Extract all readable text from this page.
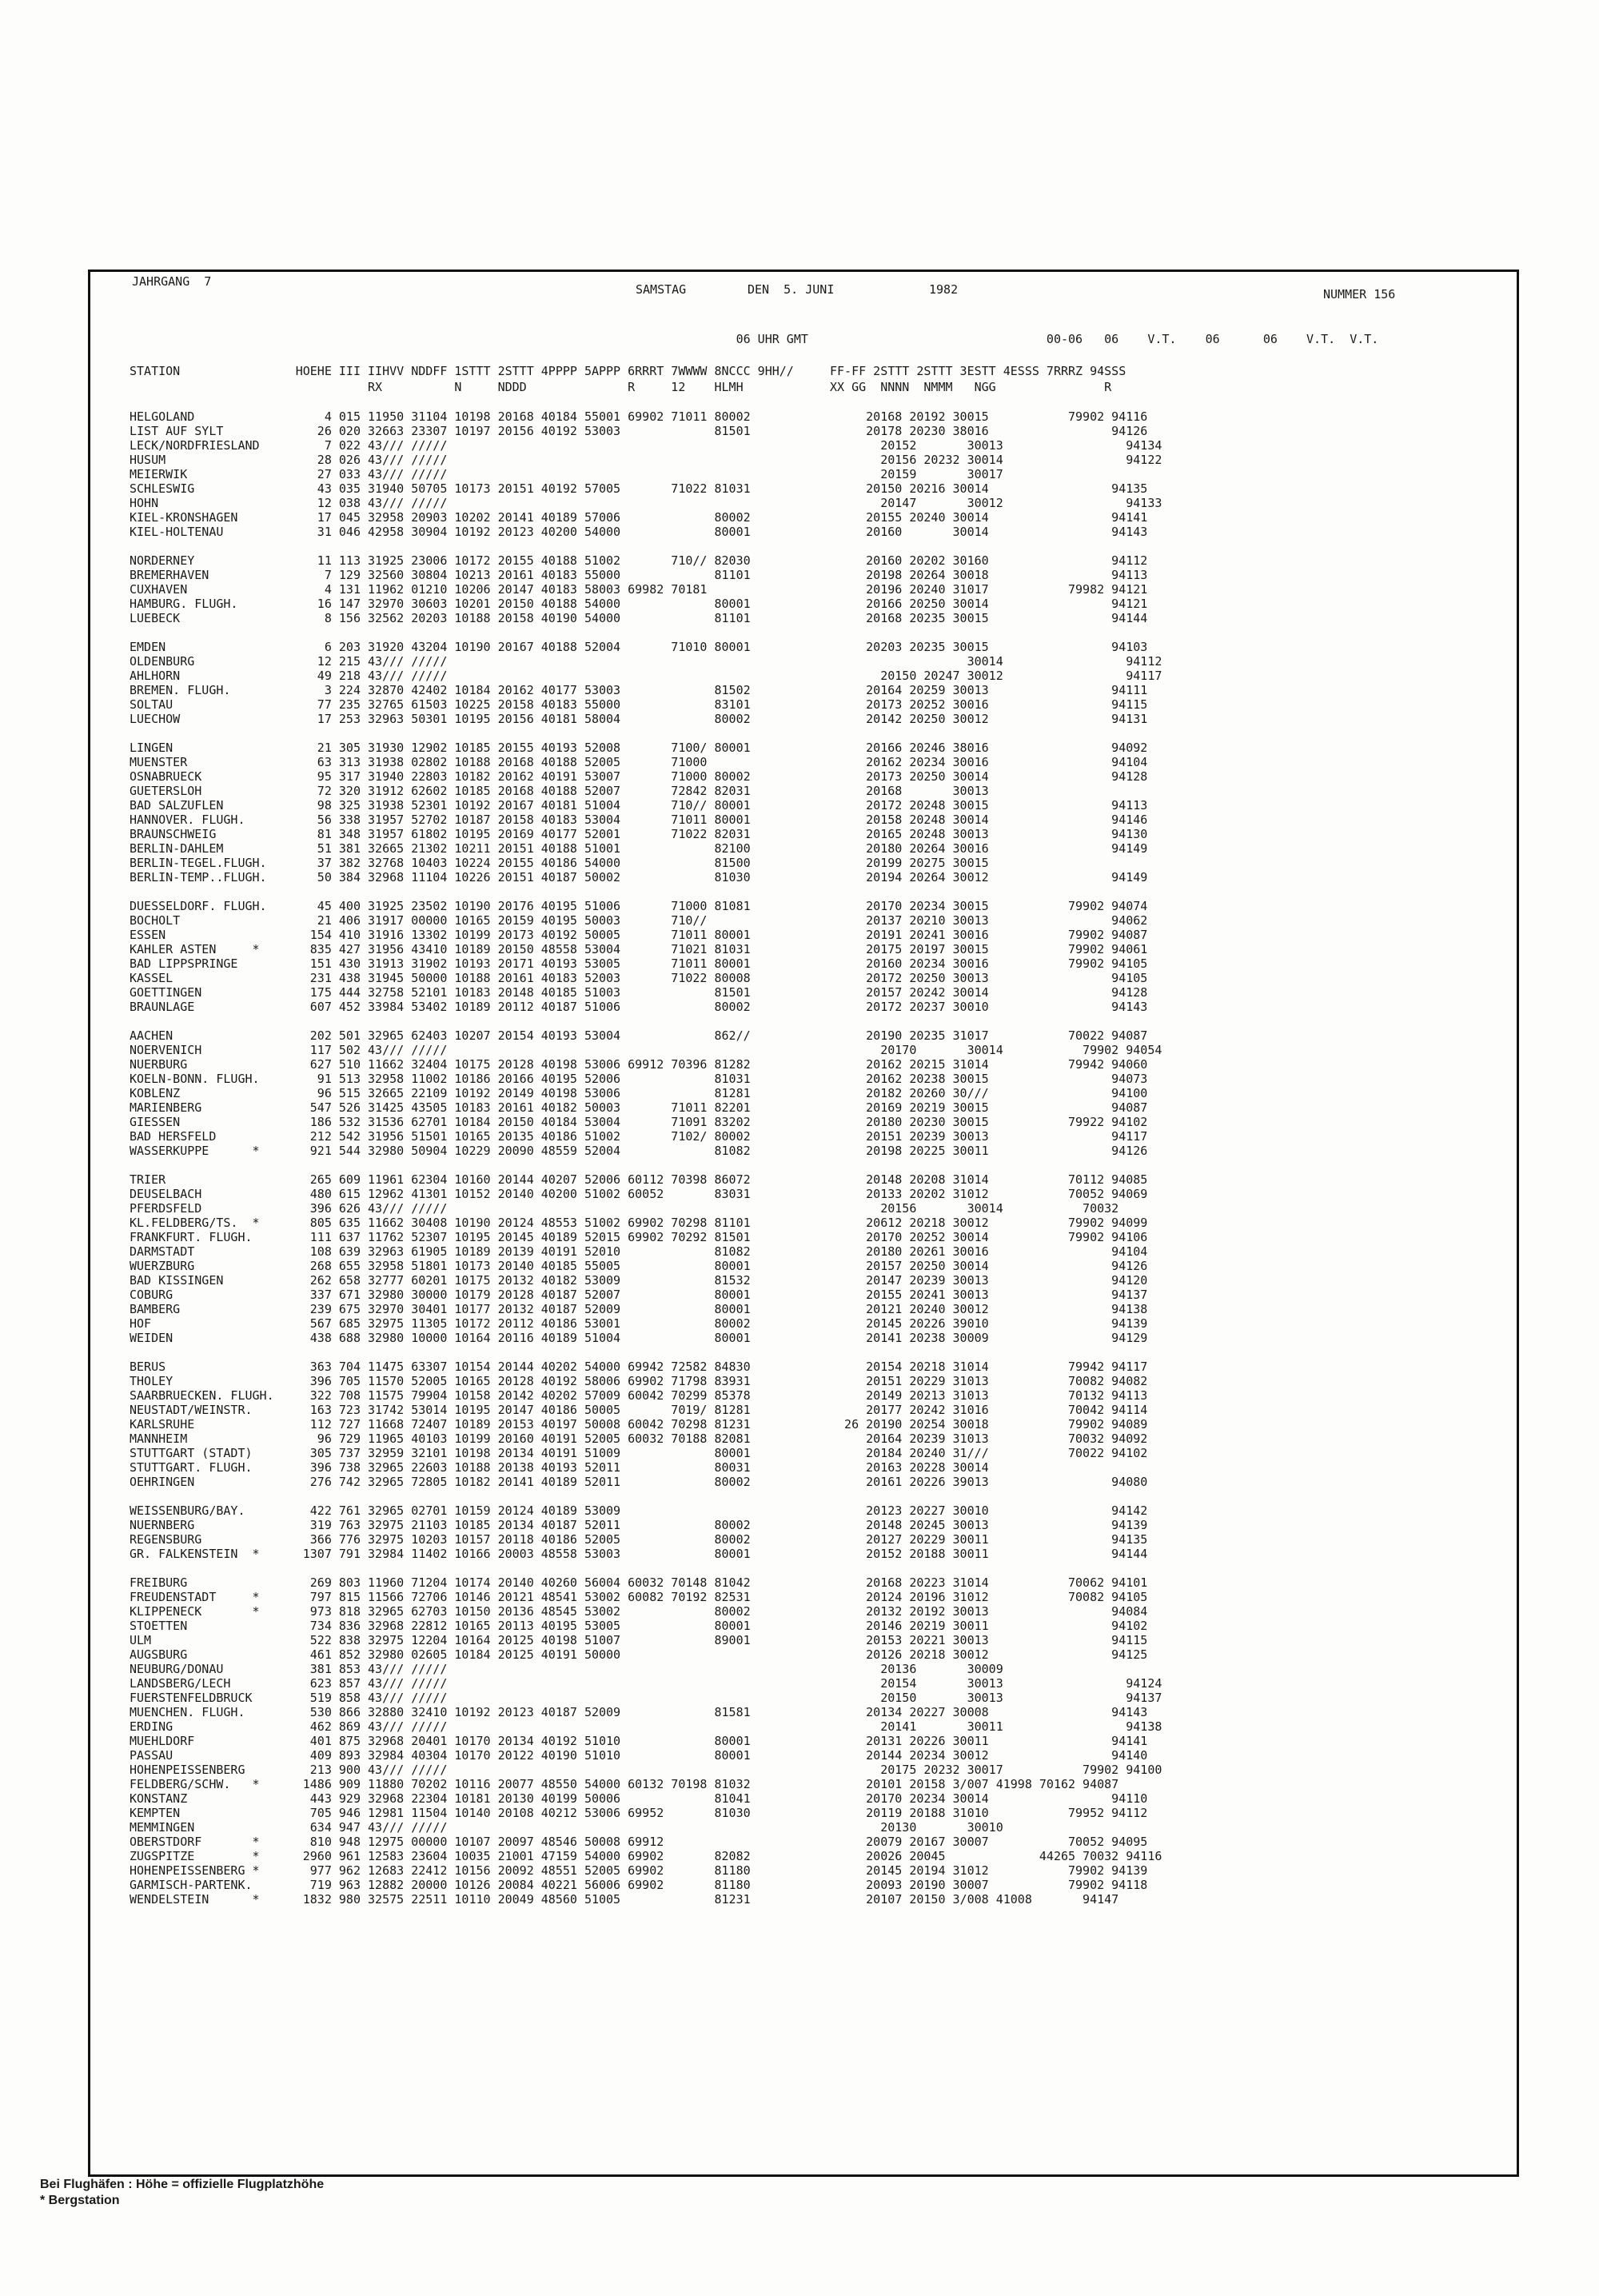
JAHRGANG  7
SAMSTAG	DEN  5. JUNI	1982	NUMMER 156
06 UHR GMT                                 00-06   06    V.T.    06      06    V.T.  V.T.
STATION                HOEHE III IIHVV NDDFF 1STTT 2STTT 4PPPP 5APPP 6RRRT 7WWWW 8NCCC 9HH//     FF-FF 2STTT 2STTT 3ESTT 4ESSS 7RRRZ 94SSS
RX          N     NDDD              R     12    HLMH            XX GG  NNNN  NMMM   NGG               R
HELGOLAND                  4 015 11950 31104 10198 20168 40184 55001 69902 71011 80002                20168 20192 30015           79902 94116
LIST AUF SYLT             26 020 32663 23307 10197 20156 40192 53003             81501                20178 20230 38016                 94126
LECK/NORDFRIESLAND         7 022 43/// /////                                                            20152       30013                 94134
HUSUM                     28 026 43/// /////                                                            20156 20232 30014                 94122
MEIERWIK                  27 033 43/// /////                                                            20159       30017
SCHLESWIG                 43 035 31940 50705 10173 20151 40192 57005       71022 81031                20150 20216 30014                 94135
HOHN                      12 038 43/// /////                                                            20147       30012                 94133
KIEL-KRONSHAGEN           17 045 32958 20903 10202 20141 40189 57006             80002                20155 20240 30014                 94141
KIEL-HOLTENAU             31 046 42958 30904 10192 20123 40200 54000             80001                20160       30014                 94143
NORDERNEY                 11 113 31925 23006 10172 20155 40188 51002       710// 82030                20160 20202 30160                 94112
BREMERHAVEN                7 129 32560 30804 10213 20161 40183 55000             81101                20198 20264 30018                 94113
CUXHAVEN                   4 131 11962 01210 10206 20147 40183 58003 69982 70181                      20196 20240 31017           79982 94121
HAMBURG. FLUGH.           16 147 32970 30603 10201 20150 40188 54000             80001                20166 20250 30014                 94121
LUEBECK                    8 156 32562 20203 10188 20158 40190 54000             81101                20168 20235 30015                 94144
EMDEN                      6 203 31920 43204 10190 20167 40188 52004       71010 80001                20203 20235 30015                 94103
OLDENBURG                 12 215 43/// /////                                                                        30014                 94112
AHLHORN                   49 218 43/// /////                                                            20150 20247 30012                 94117
BREMEN. FLUGH.             3 224 32870 42402 10184 20162 40177 53003             81502                20164 20259 30013                 94111
SOLTAU                    77 235 32765 61503 10225 20158 40183 55000             83101                20173 20252 30016                 94115
LUECHOW                   17 253 32963 50301 10195 20156 40181 58004             80002                20142 20250 30012                 94131
LINGEN                    21 305 31930 12902 10185 20155 40193 52008       7100/ 80001                20166 20246 38016                 94092
MUENSTER                  63 313 31938 02802 10188 20168 40188 52005       71000                      20162 20234 30016                 94104
OSNABRUECK                95 317 31940 22803 10182 20162 40191 53007       71000 80002                20173 20250 30014                 94128
GUETERSLOH                72 320 31912 62602 10185 20168 40188 52007       72842 82031                20168       30013
BAD SALZUFLEN             98 325 31938 52301 10192 20167 40181 51004       710// 80001                20172 20248 30015                 94113
HANNOVER. FLUGH.          56 338 31957 52702 10187 20158 40183 53004       71011 80001                20158 20248 30014                 94146
BRAUNSCHWEIG              81 348 31957 61802 10195 20169 40177 52001       71022 82031                20165 20248 30013                 94130
BERLIN-DAHLEM             51 381 32665 21302 10211 20151 40188 51001             82100                20180 20264 30016                 94149
BERLIN-TEGEL.FLUGH.       37 382 32768 10403 10224 20155 40186 54000             81500                20199 20275 30015
BERLIN-TEMP..FLUGH.       50 384 32968 11104 10226 20151 40187 50002             81030                20194 20264 30012                 94149
DUESSELDORF. FLUGH.       45 400 31925 23502 10190 20176 40195 51006       71000 81081                20170 20234 30015           79902 94074
BOCHOLT                   21 406 31917 00000 10165 20159 40195 50003       710//                      20137 20210 30013                 94062
ESSEN                    154 410 31916 13302 10199 20173 40192 50005       71011 80001                20191 20241 30016           79902 94087
KAHLER ASTEN     *       835 427 31956 43410 10189 20150 48558 53004       71021 81031                20175 20197 30015           79902 94061
BAD LIPPSPRINGE          151 430 31913 31902 10193 20171 40193 53005       71011 80001                20160 20234 30016           79902 94105
KASSEL                   231 438 31945 50000 10188 20161 40183 52003       71022 80008                20172 20250 30013                 94105
GOETTINGEN               175 444 32758 52101 10183 20148 40185 51003             81501                20157 20242 30014                 94128
BRAUNLAGE                607 452 33984 53402 10189 20112 40187 51006             80002                20172 20237 30010                 94143
AACHEN                   202 501 32965 62403 10207 20154 40193 53004             862//                20190 20235 31017           70022 94087
NOERVENICH               117 502 43/// /////                                                            20170       30014           79902 94054
NUERBURG                 627 510 11662 32404 10175 20128 40198 53006 69912 70396 81282                20162 20215 31014           79942 94060
KOELN-BONN. FLUGH.        91 513 32958 11002 10186 20166 40195 52006             81031                20162 20238 30015                 94073
KOBLENZ                   96 515 32665 22109 10192 20149 40198 53006             81281                20182 20260 30///                 94100
MARIENBERG               547 526 31425 43505 10183 20161 40182 50003       71011 82201                20169 20219 30015                 94087
GIESSEN                  186 532 31536 62701 10184 20150 40184 53004       71091 83202                20180 20230 30015           79922 94102
BAD HERSFELD             212 542 31956 51501 10165 20135 40186 51002       7102/ 80002                20151 20239 30013                 94117
WASSERKUPPE      *       921 544 32980 50904 10229 20090 48559 52004             81082                20198 20225 30011                 94126
TRIER                    265 609 11961 62304 10160 20144 40207 52006 60112 70398 86072                20148 20208 31014           70112 94085
DEUSELBACH               480 615 12962 41301 10152 20140 40200 51002 60052       83031                20133 20202 31012           70052 94069
PFERDSFELD               396 626 43/// /////                                                            20156       30014           70032
KL.FELDBERG/TS.  *       805 635 11662 30408 10190 20124 48553 51002 69902 70298 81101                20612 20218 30012           79902 94099
FRANKFURT. FLUGH.        111 637 11762 52307 10195 20145 40189 52015 69902 70292 81501                20170 20252 30014           79902 94106
DARMSTADT                108 639 32963 61905 10189 20139 40191 52010             81082                20180 20261 30016                 94104
WUERZBURG                268 655 32958 51801 10173 20140 40185 55005             80001                20157 20250 30014                 94126
BAD KISSINGEN            262 658 32777 60201 10175 20132 40182 53009             81532                20147 20239 30013                 94120
COBURG                   337 671 32980 30000 10179 20128 40187 52007             80001                20155 20241 30013                 94137
BAMBERG                  239 675 32970 30401 10177 20132 40187 52009             80001                20121 20240 30012                 94138
HOF                      567 685 32975 11305 10172 20112 40186 53001             80002                20145 20226 39010                 94139
WEIDEN                   438 688 32980 10000 10164 20116 40189 51004             80001                20141 20238 30009                 94129
BERUS                    363 704 11475 63307 10154 20144 40202 54000 69942 72582 84830                20154 20218 31014           79942 94117
THOLEY                   396 705 11570 52005 10165 20128 40192 58006 69902 71798 83931                20151 20229 31013           70082 94082
SAARBRUECKEN. FLUGH.     322 708 11575 79904 10158 20142 40202 57009 60042 70299 85378                20149 20213 31013           70132 94113
NEUSTADT/WEINSTR.        163 723 31742 53014 10195 20147 40186 50005       7019/ 81281                20177 20242 31016           70042 94114
KARLSRUHE                112 727 11668 72407 10189 20153 40197 50008 60042 70298 81231             26 20190 20254 30018           79902 94089
MANNHEIM                  96 729 11965 40103 10199 20160 40191 52005 60032 70188 82081                20164 20239 31013           70032 94092
STUTTGART (STADT)        305 737 32959 32101 10198 20134 40191 51009             80001                20184 20240 31///           70022 94102
STUTTGART. FLUGH.        396 738 32965 22603 10188 20138 40193 52011             80031                20163 20228 30014
OEHRINGEN                276 742 32965 72805 10182 20141 40189 52011             80002                20161 20226 39013                 94080
WEISSENBURG/BAY.         422 761 32965 02701 10159 20124 40189 53009                                  20123 20227 30010                 94142
NUERNBERG                319 763 32975 21103 10185 20134 40187 52011             80002                20148 20245 30013                 94139
REGENSBURG               366 776 32975 10203 10157 20118 40186 52005             80002                20127 20229 30011                 94135
GR. FALKENSTEIN  *      1307 791 32984 11402 10166 20003 48558 53003             80001                20152 20188 30011                 94144
FREIBURG                 269 803 11960 71204 10174 20140 40260 56004 60032 70148 81042                20168 20223 31014           70062 94101
FREUDENSTADT     *       797 815 11566 72706 10146 20121 48541 53002 60082 70192 82531                20124 20196 31012           70082 94105
KLIPPENECK       *       973 818 32965 62703 10150 20136 48545 53002             80002                20132 20192 30013                 94084
STOETTEN                 734 836 32968 22812 10165 20113 40195 53005             80001                20146 20219 30011                 94102
ULM                      522 838 32975 12204 10164 20125 40198 51007             89001                20153 20221 30013                 94115
AUGSBURG                 461 852 32980 02605 10184 20125 40191 50000                                  20126 20218 30012                 94125
NEUBURG/DONAU            381 853 43/// /////                                                            20136       30009
LANDSBERG/LECH           623 857 43/// /////                                                            20154       30013                 94124
FUERSTENFELDBRUCK        519 858 43/// /////                                                            20150       30013                 94137
MUENCHEN. FLUGH.         530 866 32880 32410 10192 20123 40187 52009             81581                20134 20227 30008                 94143
ERDING                   462 869 43/// /////                                                            20141       30011                 94138
MUEHLDORF                401 875 32968 20401 10170 20134 40192 51010             80001                20131 20226 30011                 94141
PASSAU                   409 893 32984 40304 10170 20122 40190 51010             80001                20144 20234 30012                 94140
HOHENPEISSENBERG         213 900 43/// /////                                                            20175 20232 30017           79902 94100
FELDBERG/SCHW.   *      1486 909 11880 70202 10116 20077 48550 54000 60132 70198 81032                20101 20158 3/007 41998 70162 94087
KONSTANZ                 443 929 32968 22304 10181 20130 40199 50006             81041                20170 20234 30014                 94110
KEMPTEN                  705 946 12981 11504 10140 20108 40212 53006 69952       81030                20119 20188 31010           79952 94112
MEMMINGEN                634 947 43/// /////                                                            20130       30010
OBERSTDORF       *       810 948 12975 00000 10107 20097 48546 50008 69912                            20079 20167 30007           70052 94095
ZUGSPITZE        *      2960 961 12583 23604 10035 21001 47159 54000 69902       82082                20026 20045             44265 70032 94116
HOHENPEISSENBERG *       977 962 12683 22412 10156 20092 48551 52005 69902       81180                20145 20194 31012           79902 94139
GARMISCH-PARTENK.        719 963 12882 20000 10126 20084 40221 56006 69902       81180                20093 20190 30007           79902 94118
WENDELSTEIN      *      1832 980 32575 22511 10110 20049 48560 51005             81231                20107 20150 3/008 41008       94147
Bei Flughäfen : Höhe = offizielle Flugplatzhöhe
* Bergstation
